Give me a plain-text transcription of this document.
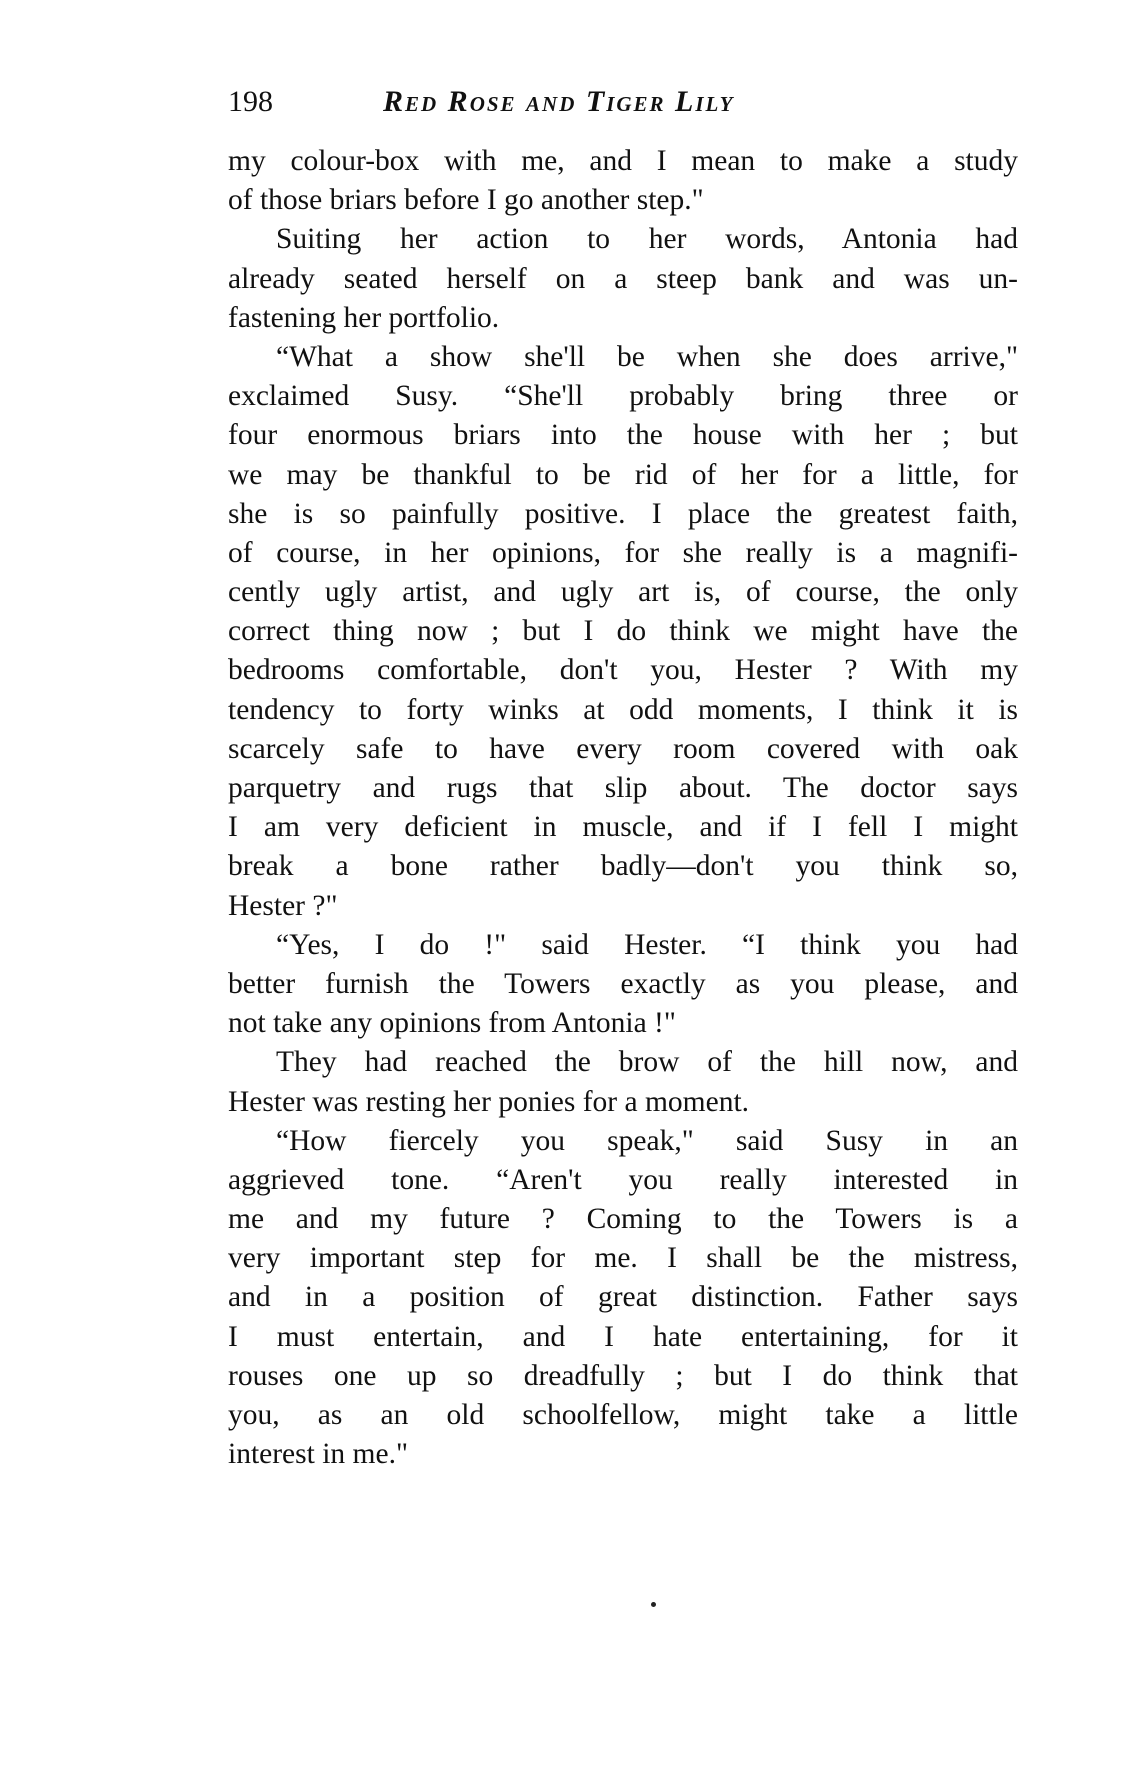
198	Red Rose and Tiger Lily
my colour-box with me, and I mean to make a study
of those briars before I go another step."
Suiting her action to her words, Antonia had
already seated herself on a steep bank and was un-
fastening her portfolio.
“What a show she'll be when she does arrive,"
exclaimed Susy. “She'll probably bring three or
four enormous briars into the house with her ; but
we may be thankful to be rid of her for a little, for
she is so painfully positive. I place the greatest faith,
of course, in her opinions, for she really is a magnifi-
cently ugly artist, and ugly art is, of course, the only
correct thing now ; but I do think we might have the
bedrooms comfortable, don't you, Hester ? With my
tendency to forty winks at odd moments, I think it is
scarcely safe to have every room covered with oak
parquetry and rugs that slip about. The doctor says
I am very deficient in muscle, and if I fell I might
break a bone rather badly—don't you think so,
Hester ?"
“Yes, I do !" said Hester. “I think you had
better furnish the Towers exactly as you please, and
not take any opinions from Antonia !"
They had reached the brow of the hill now, and
Hester was resting her ponies for a moment.
“How fiercely you speak," said Susy in an
aggrieved tone. “Aren't you really interested in
me and my future ? Coming to the Towers is a
very important step for me. I shall be the mistress,
and in a position of great distinction. Father says
I must entertain, and I hate entertaining, for it
rouses one up so dreadfully ; but I do think that
you, as an old schoolfellow, might take a little
interest in me."
